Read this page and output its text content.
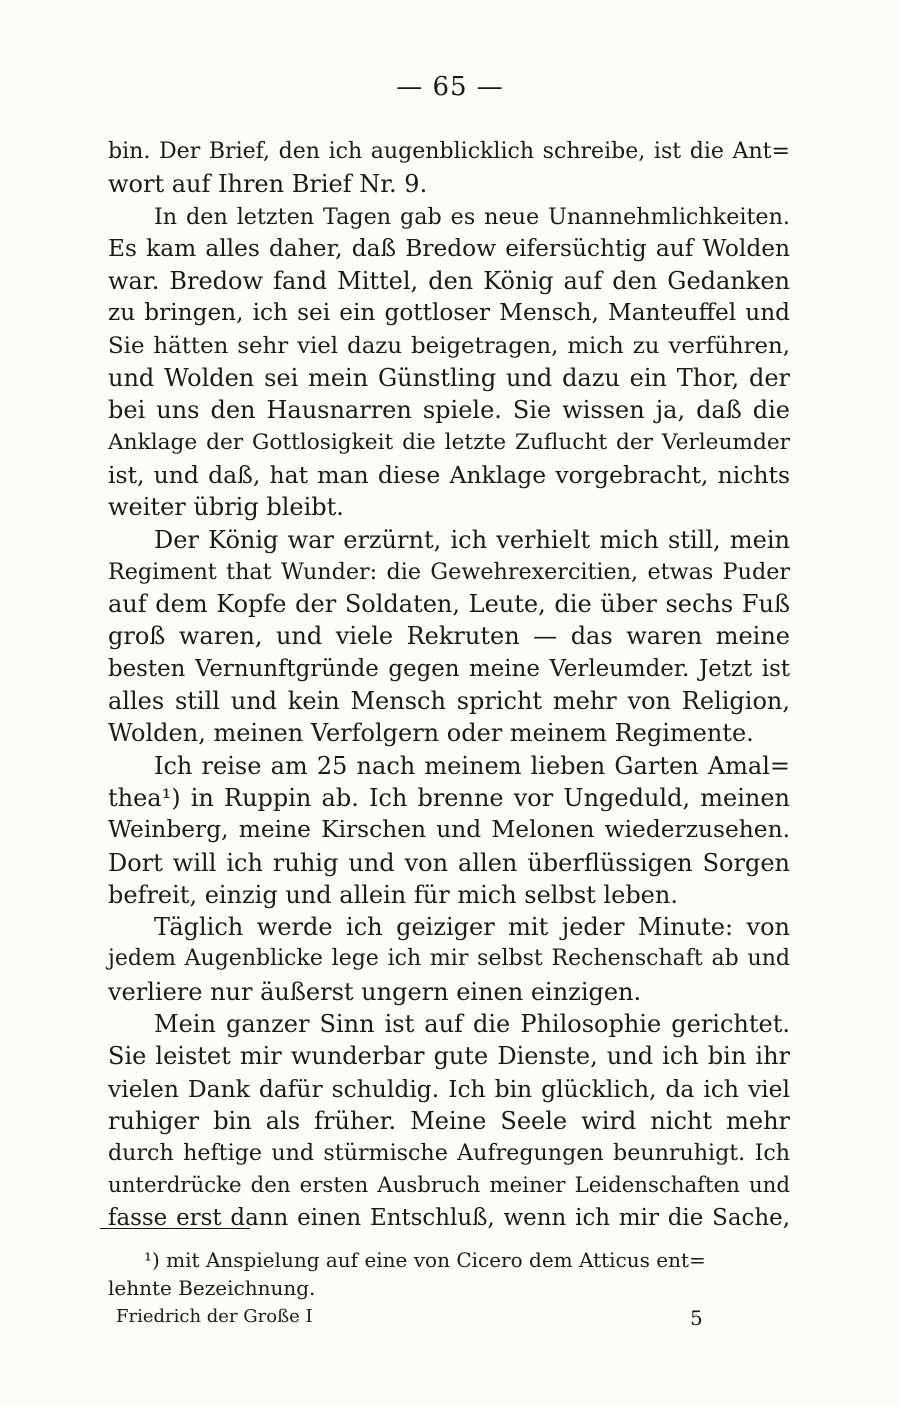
— 65 —
bin. Der Brief, den ich augenblicklich schreibe, ist die Ant=
wort auf Ihren Brief Nr. 9.
In den letzten Tagen gab es neue Unannehmlichkeiten.
Es kam alles daher, daß Bredow eifersüchtig auf Wolden
war. Bredow fand Mittel, den König auf den Gedanken
zu bringen, ich sei ein gottloser Mensch, Manteuffel und
Sie hätten sehr viel dazu beigetragen, mich zu verführen,
und Wolden sei mein Günstling und dazu ein Thor, der
bei uns den Hausnarren spiele. Sie wissen ja, daß die
Anklage der Gottlosigkeit die letzte Zuflucht der Verleumder
ist, und daß, hat man diese Anklage vorgebracht, nichts
weiter übrig bleibt.
Der König war erzürnt, ich verhielt mich still, mein
Regiment that Wunder: die Gewehrexercitien, etwas Puder
auf dem Kopfe der Soldaten, Leute, die über sechs Fuß
groß waren, und viele Rekruten — das waren meine
besten Vernunftgründe gegen meine Verleumder. Jetzt ist
alles still und kein Mensch spricht mehr von Religion,
Wolden, meinen Verfolgern oder meinem Regimente.
Ich reise am 25 nach meinem lieben Garten Amal=
thea¹) in Ruppin ab. Ich brenne vor Ungeduld, meinen
Weinberg, meine Kirschen und Melonen wiederzusehen.
Dort will ich ruhig und von allen überflüssigen Sorgen
befreit, einzig und allein für mich selbst leben.
Täglich werde ich geiziger mit jeder Minute: von
jedem Augenblicke lege ich mir selbst Rechenschaft ab und
verliere nur äußerst ungern einen einzigen.
Mein ganzer Sinn ist auf die Philosophie gerichtet.
Sie leistet mir wunderbar gute Dienste, und ich bin ihr
vielen Dank dafür schuldig. Ich bin glücklich, da ich viel
ruhiger bin als früher. Meine Seele wird nicht mehr
durch heftige und stürmische Aufregungen beunruhigt. Ich
unterdrücke den ersten Ausbruch meiner Leidenschaften und
fasse erst dann einen Entschluß, wenn ich mir die Sache,
¹) mit Anspielung auf eine von Cicero dem Atticus ent=
lehnte Bezeichnung.
Friedrich der Große I	5
